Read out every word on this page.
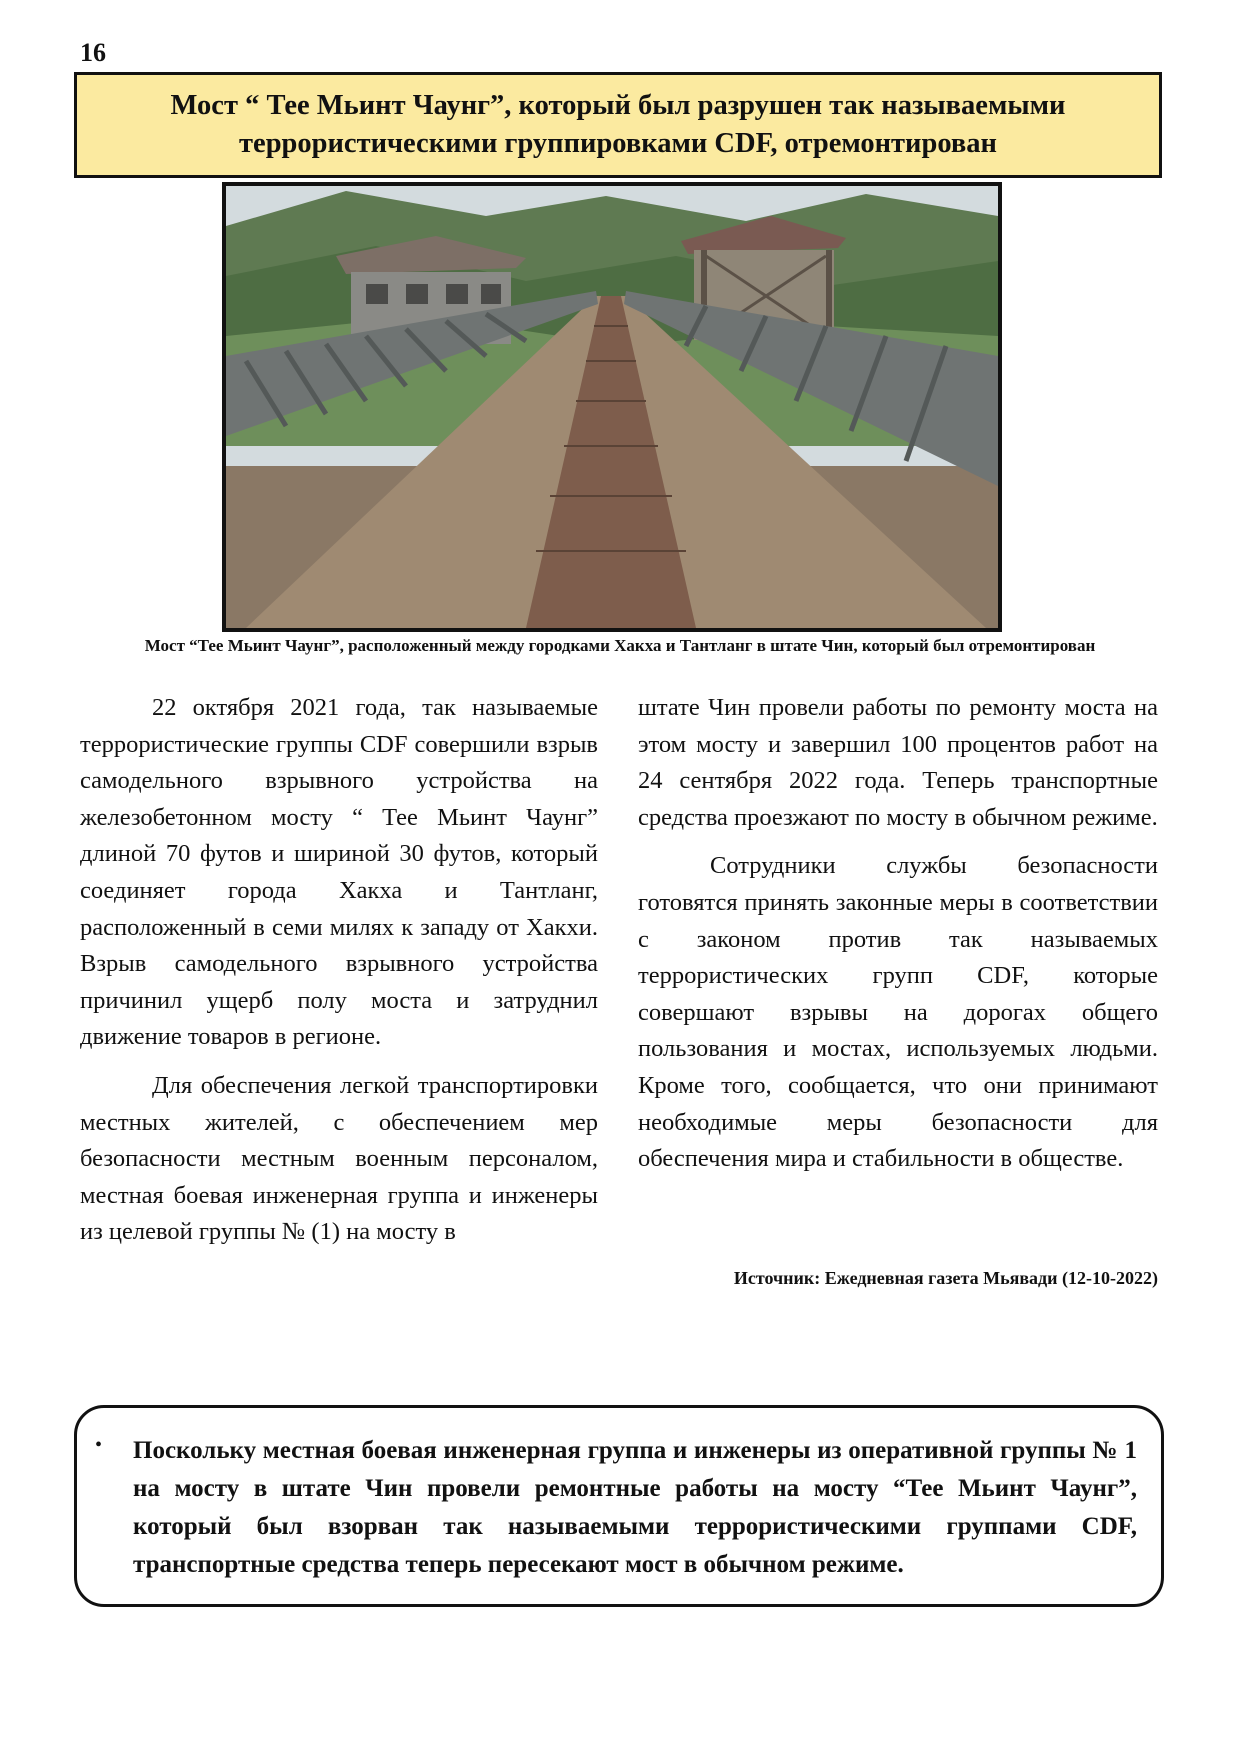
16
Мост “ Тее Мьинт Чаунг”, который был разрушен так называемыми террористическими группировками CDF, отремонтирован
Мост “Тее Мьинт Чаунг”, расположенный между городками Хакха и Тантланг в штате Чин, который был отремонтирован

22 октября 2021 года, так называемые террористические группы CDF совершили взрыв самодельного взрывного устройства на железобетонном мосту “ Тее Мьинт Чаунг” длиной 70 футов и шириной 30 футов, который соединяет города Хакха и Тантланг, расположенный в семи милях к западу от Хакхи. Взрыв самодельного взрывного устройства причинил ущерб полу моста и затруднил движение товаров в регионе.

Для обеспечения легкой транспортировки местных жителей, с обеспечением мер безопасности местным военным персоналом, местная боевая инженерная группа и инженеры из целевой группы № (1) на мосту в

штате Чин провели работы по ремонту моста на этом мосту и завершил 100 процентов работ на 24 сентября 2022 года. Теперь транспортные средства проезжают по мосту в обычном режиме.

Сотрудники службы безопасности готовятся принять законные меры в соответствии с законом против так называемых террористических групп CDF, которые совершают взрывы на дорогах общего пользования и мостах, используемых людьми. Кроме того, сообщается, что они принимают необходимые меры безопасности для обеспечения мира и стабильности в обществе.

Источник: Ежедневная газета Мьявади (12-10-2022)
• Поскольку местная боевая инженерная группа и инженеры из оперативной группы № 1 на мосту в штате Чин провели ремонтные работы на мосту “Тее Мьинт Чаунг”, который был взорван так называемыми террористическими группами CDF, транспортные средства теперь пересекают мост в обычном режиме.
